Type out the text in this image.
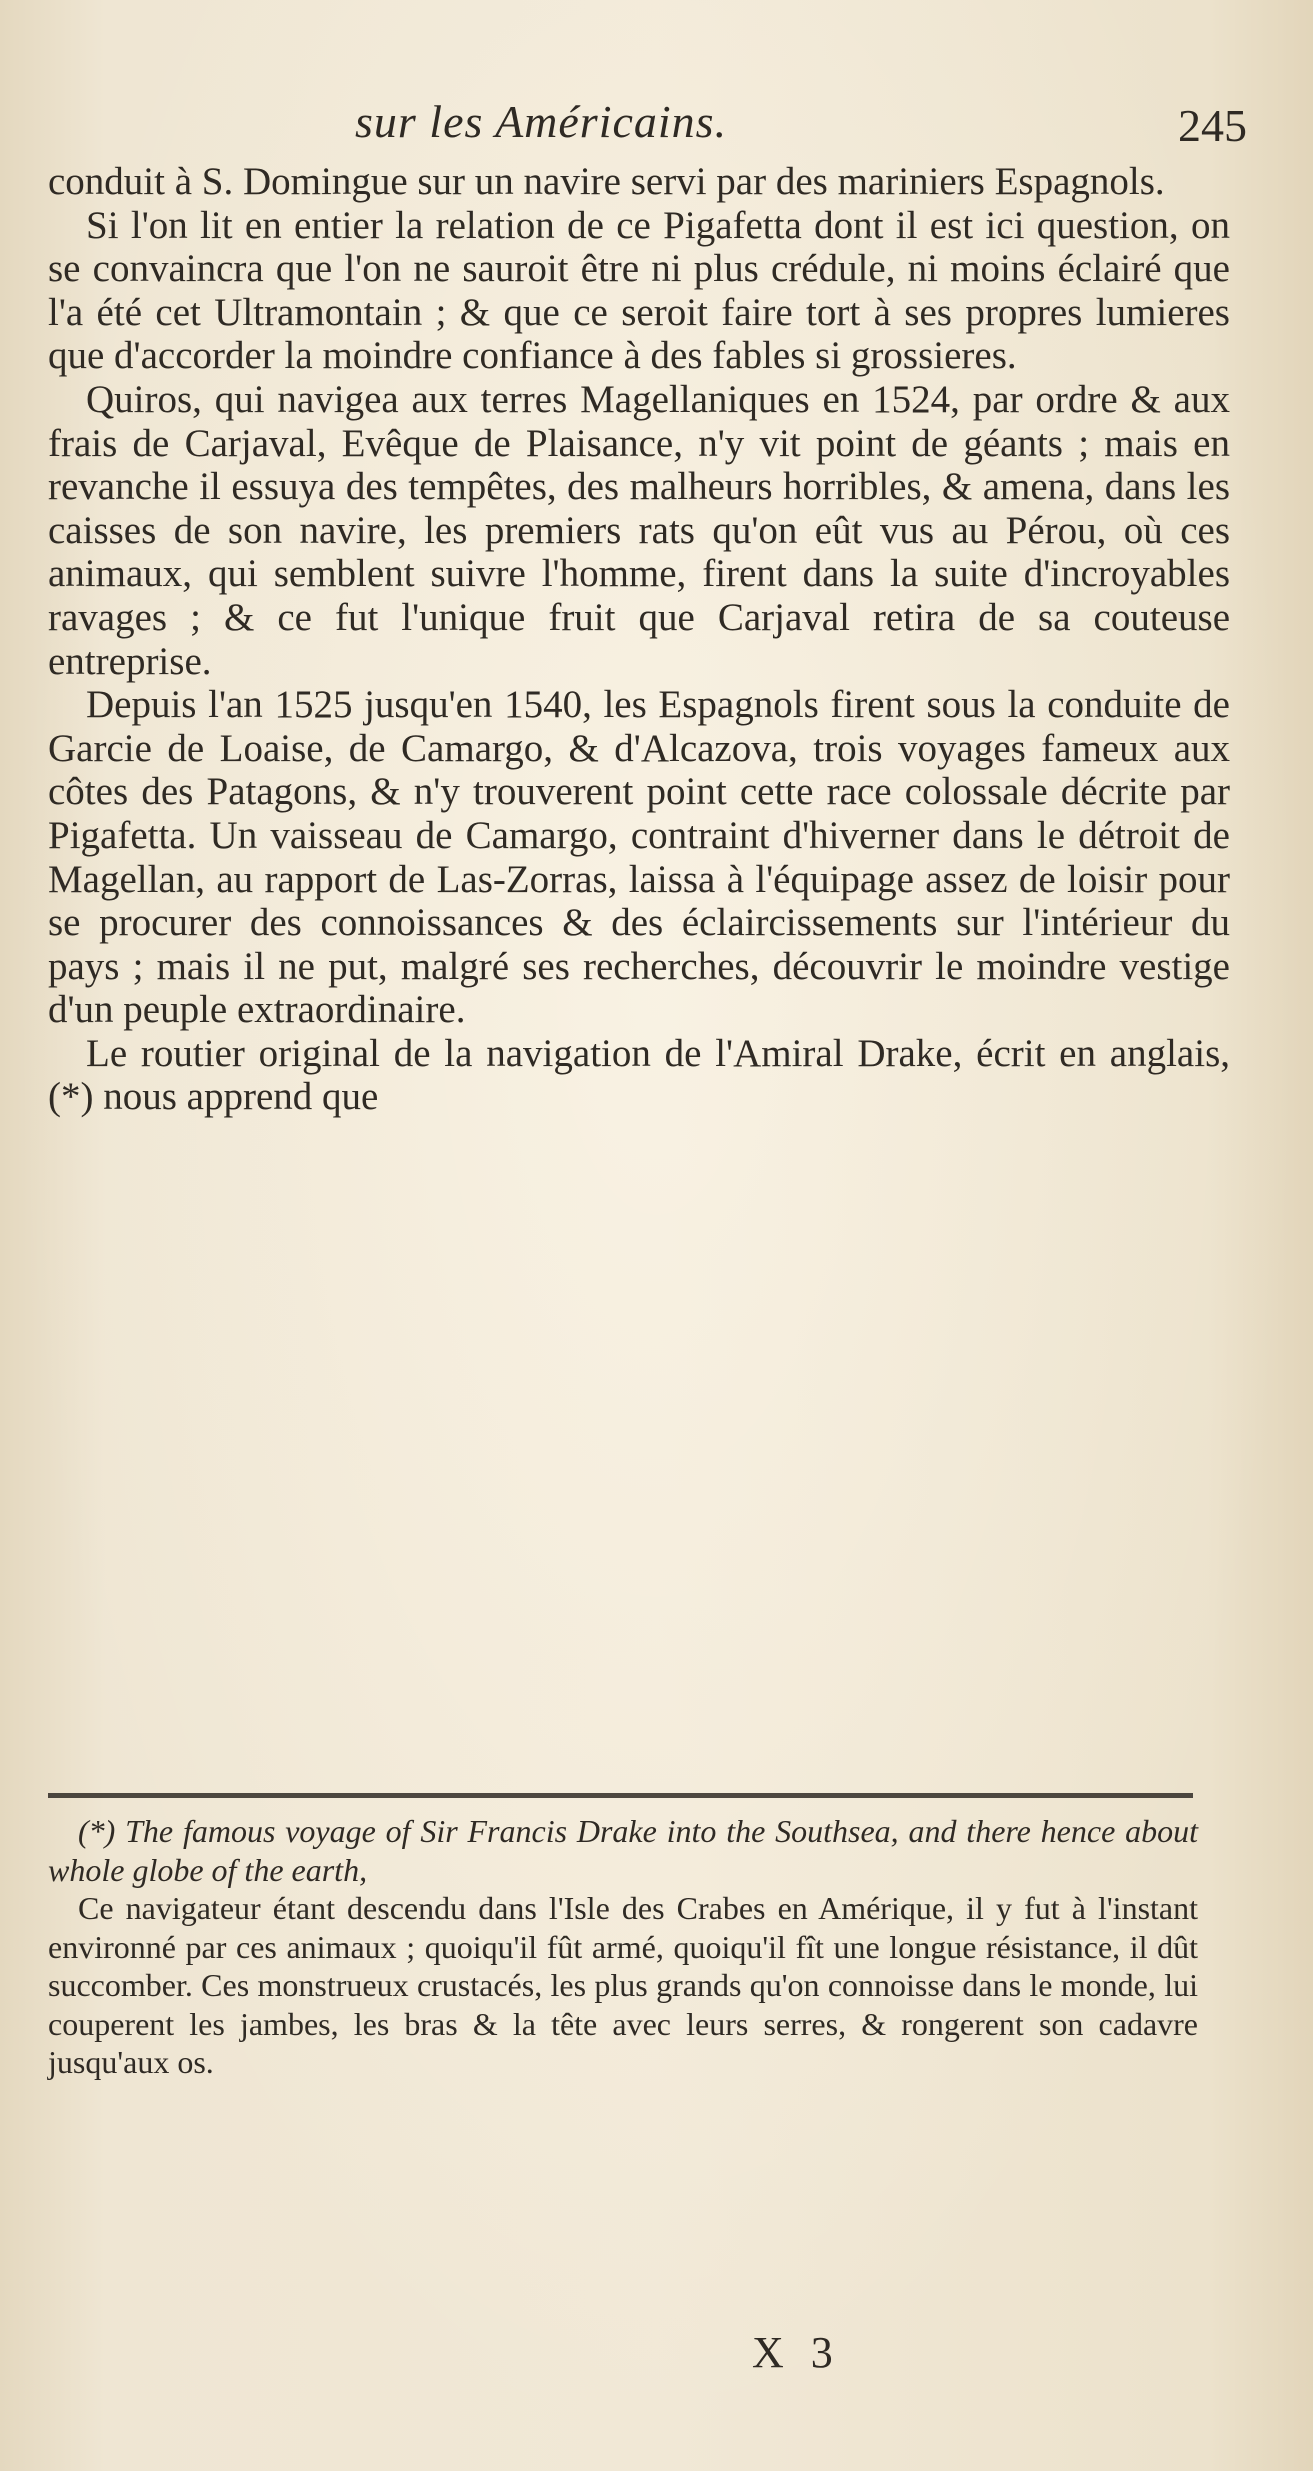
sur les Américains.	245

conduit à S. Domingue sur un navire servi par des mariniers Espagnols.

Si l'on lit en entier la relation de ce Pigafetta dont il est ici question, on se convaincra que l'on ne sauroit être ni plus crédule, ni moins éclairé que l'a été cet Ultramontain ; & que ce seroit faire tort à ses propres lumieres que d'accorder la moindre confiance à des fables si grossieres.

Quiros, qui navigea aux terres Magellaniques en 1524, par ordre & aux frais de Carjaval, Evêque de Plaisance, n'y vit point de géants ; mais en revanche il essuya des tempêtes, des malheurs horribles, & amena, dans les caisses de son navire, les premiers rats qu'on eût vus au Pérou, où ces animaux, qui semblent suivre l'homme, firent dans la suite d'incroyables ravages ; & ce fut l'unique fruit que Carjaval retira de sa couteuse entreprise.

Depuis l'an 1525 jusqu'en 1540, les Espagnols firent sous la conduite de Garcie de Loaise, de Camargo, & d'Alcazova, trois voyages fameux aux côtes des Patagons, & n'y trouverent point cette race colossale décrite par Pigafetta. Un vaisseau de Camargo, contraint d'hiverner dans le détroit de Magellan, au rapport de Las-Zorras, laissa à l'équipage assez de loisir pour se procurer des connoissances & des éclaircissements sur l'intérieur du pays ; mais il ne put, malgré ses recherches, découvrir le moindre vestige d'un peuple extraordinaire.

Le routier original de la navigation de l'Amiral Drake, écrit en anglais, (*) nous apprend que

(*) The famous voyage of Sir Francis Drake into the Southsea, and there hence about whole globe of the earth,

Ce navigateur étant descendu dans l'Isle des Crabes en Amérique, il y fut à l'instant environné par ces animaux ; quoiqu'il fût armé, quoiqu'il fît une longue résistance, il dût succomber. Ces monstrueux crustacés, les plus grands qu'on connoisse dans le monde, lui couperent les jambes, les bras & la tête avec leurs serres, & rongerent son cadavre jusqu'aux os.

X 3
